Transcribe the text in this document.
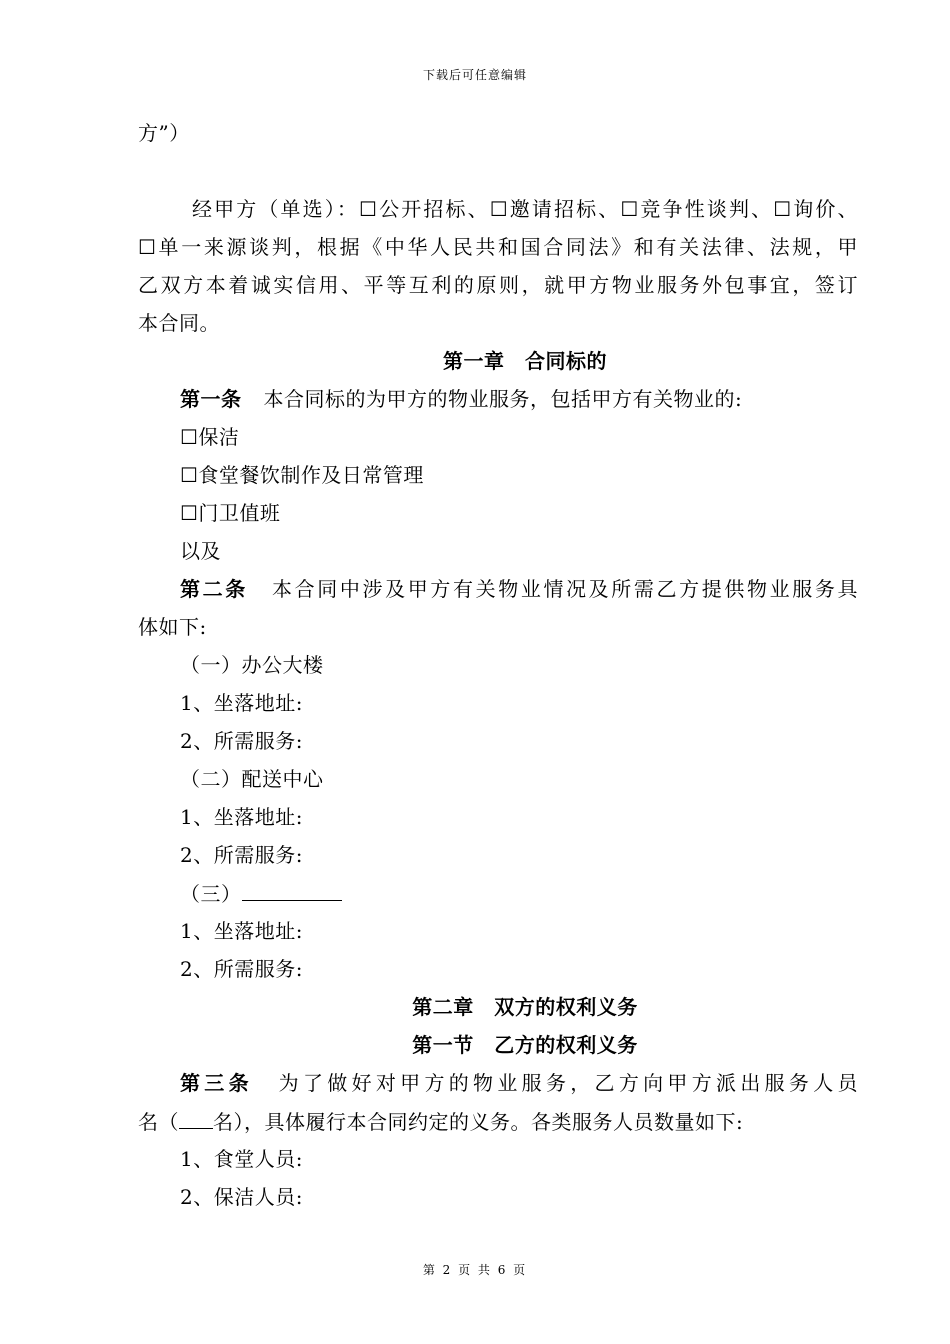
下载后可任意编辑
方”）
经甲方（单选）：☐公开招标、☐邀请招标、☐竞争性谈判、☐询价、
☐单一来源谈判，根据《中华人民共和国合同法》和有关法律、法规，甲
乙双方本着诚实信用、平等互利的原则，就甲方物业服务外包事宜，签订
本合同。
第一章　合同标的
第一条 本合同标的为甲方的物业服务，包括甲方有关物业的:
☐保洁
☐食堂餐饮制作及日常管理
☐门卫值班
以及
第二条 本合同中涉及甲方有关物业情况及所需乙方提供物业服务具
体如下:
（一）办公大楼
1、坐落地址:
2、所需服务:
（二）配送中心
1、坐落地址:
2、所需服务:
（三）
1、坐落地址:
2、所需服务:
第二章　双方的权利义务
第一节　乙方的权利义务
第三条 为了做好对甲方的物业服务，乙方向甲方派出服务人员
名（ 名），具体履行本合同约定的义务。各类服务人员数量如下:
1、食堂人员:
2、保洁人员:
第 2 页 共 6 页
